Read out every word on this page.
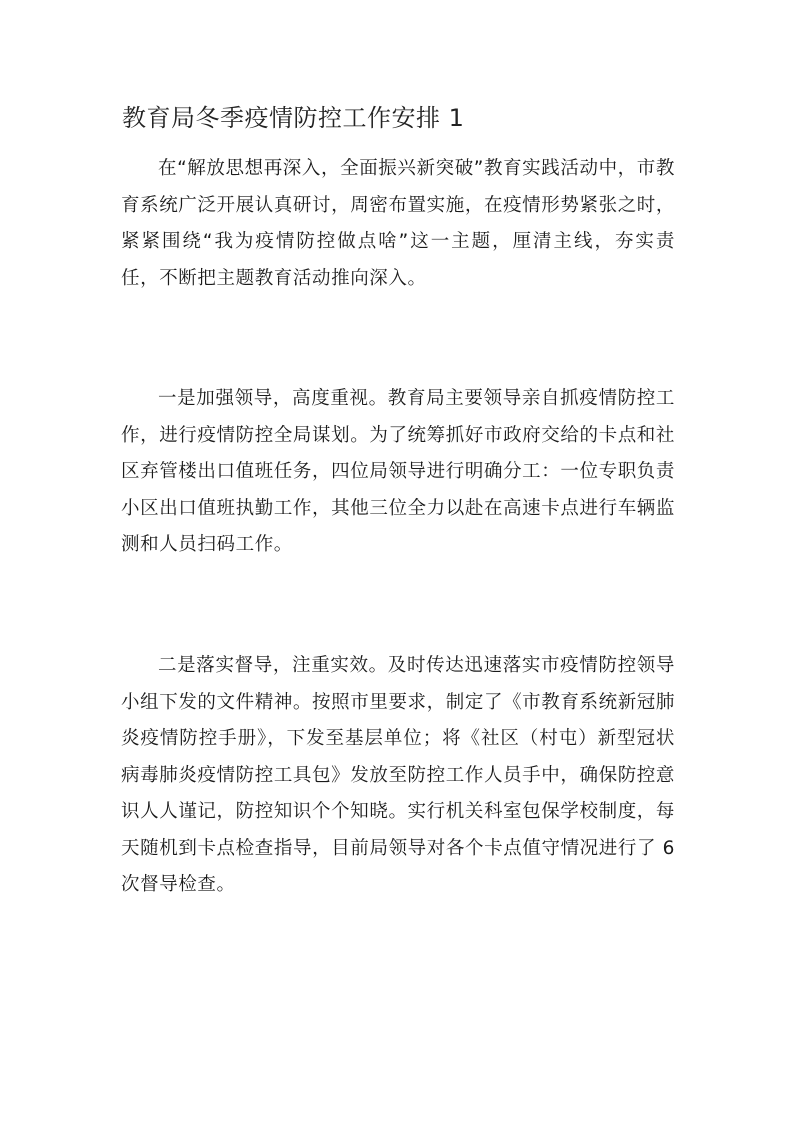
教育局冬季疫情防控工作安排 1

在“解放思想再深入，全面振兴新突破”教育实践活动中，市教育系统广泛开展认真研讨，周密布置实施，在疫情形势紧张之时，紧紧围绕“我为疫情防控做点啥”这一主题，厘清主线，夯实责任，不断把主题教育活动推向深入。

一是加强领导，高度重视。教育局主要领导亲自抓疫情防控工作，进行疫情防控全局谋划。为了统筹抓好市政府交给的卡点和社区弃管楼出口值班任务，四位局领导进行明确分工：一位专职负责小区出口值班执勤工作，其他三位全力以赴在高速卡点进行车辆监测和人员扫码工作。

二是落实督导，注重实效。及时传达迅速落实市疫情防控领导小组下发的文件精神。按照市里要求，制定了《市教育系统新冠肺炎疫情防控手册》，下发至基层单位；将《社区（村屯）新型冠状病毒肺炎疫情防控工具包》发放至防控工作人员手中，确保防控意识人人谨记，防控知识个个知晓。实行机关科室包保学校制度，每天随机到卡点检查指导，目前局领导对各个卡点值守情况进行了 6 次督导检查。
